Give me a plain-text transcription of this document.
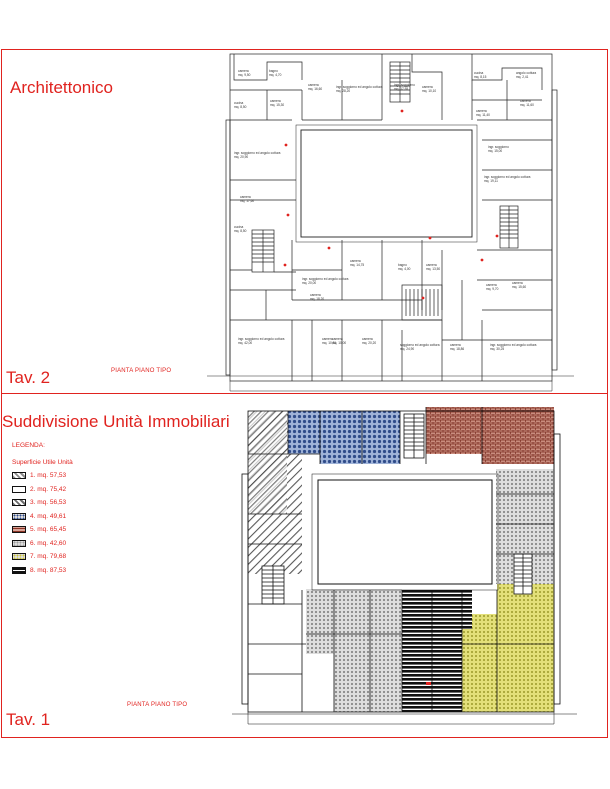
Architettonico
Tav. 2	PIANTA PIANO TIPO
camera mq. 9,50
bagno mq. 4,70
camera mq. 16,60	ingr. soggiorno ed angolo cottura mq. 28,20
ingr. soggiorno mq. 17,55	camera mq. 10,10
cucina mq. 8,15
angolo cottura mq. 2,41
cucina mq. 8,50
camera mq. 15,30
camera mq. 11,40
camera mq. 11,60
ingr. soggiorno ed angolo cottura mq. 20,90
camera mq. 17,60
ingr. soggiorno ed angolo cottura mq. 19,11
cucina mq. 8,50
ingr. soggiorno ed angolo cottura mq. 20,00
camera mq. 18,20
ingr. soggiorno mq. 15,00
camera mq. 14,75	bagno mq. 4,00
camera mq. 13,50
camera mq. 15,60
camera mq. 9,70
ingr. soggiorno ed angolo cottura mq. 42,00
camera mq. 10,31
camera mq. 10,00
camera mq. 20,20	soggiorno ed angolo cottura mq. 24,90
camera mq. 18,86
ingr. soggiorno ed angolo cottura mq. 30,25
Suddivisione Unità Immobiliari
Tav. 1
PIANTA PIANO TIPO
LEGENDA:
Superficie Utile Unità
1. mq. 57,53
2. mq. 75,42
3. mq. 56,53
4. mq. 49,61
5. mq. 65,45
6. mq. 42,60
7. mq. 79,68
8. mq. 87,53
